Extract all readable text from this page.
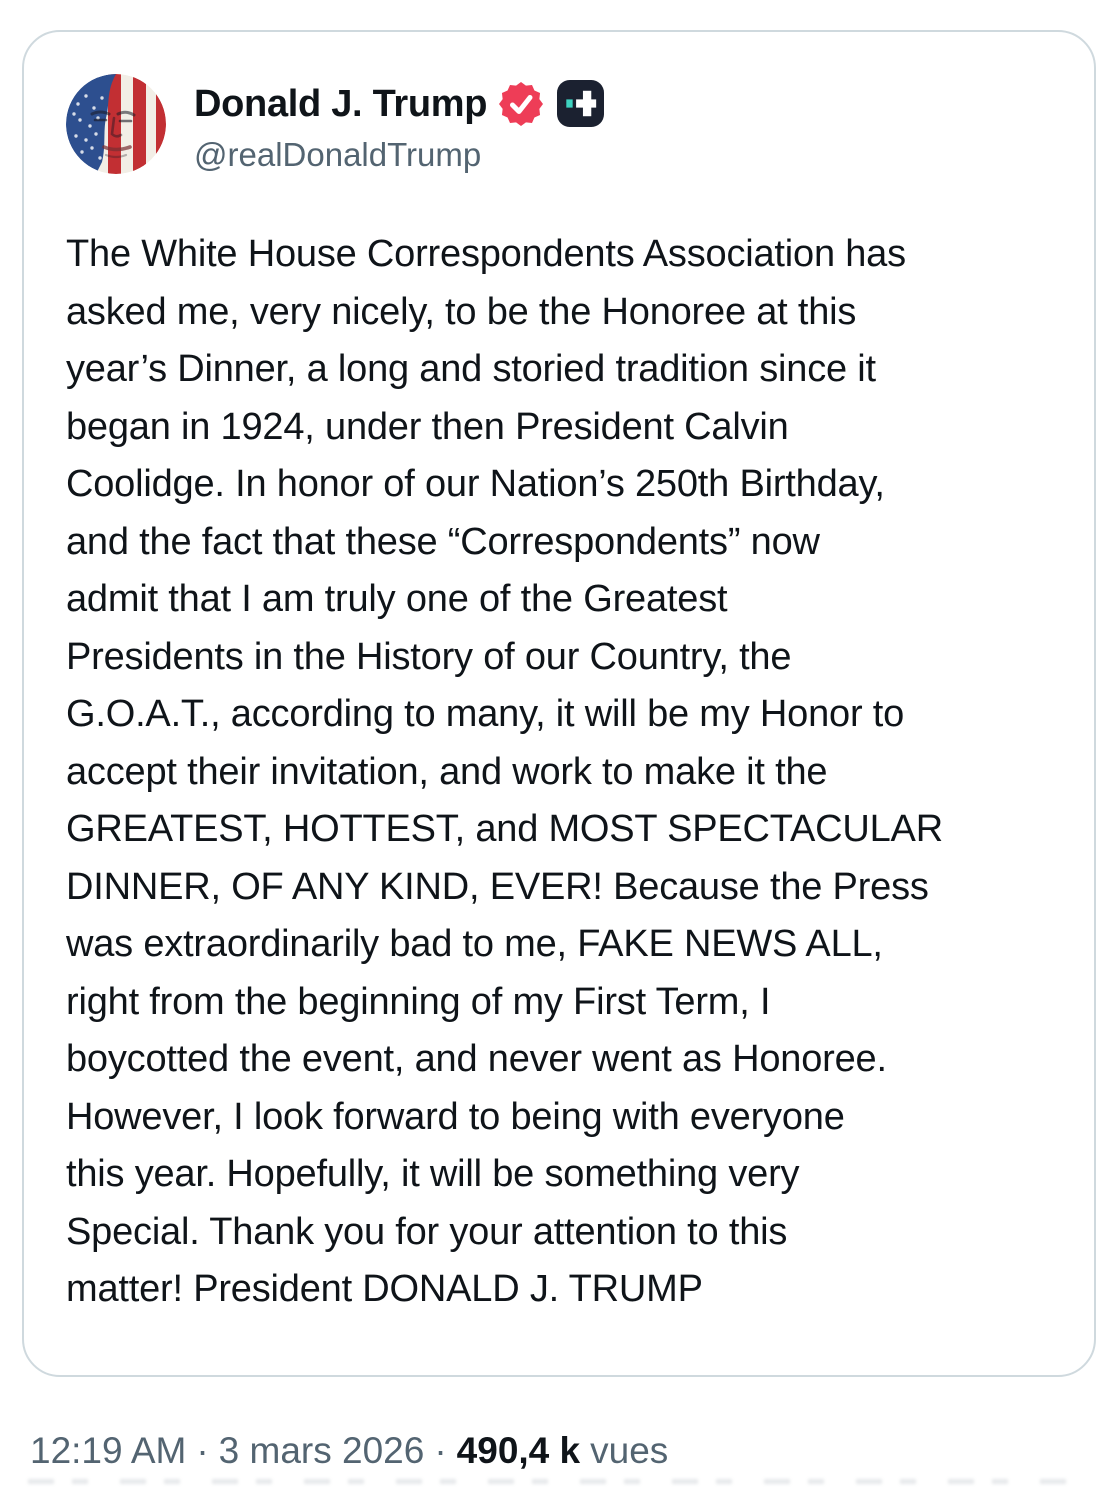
Donald J. Trump
@realDonaldTrump
The White House Correspondents Association has
asked me, very nicely, to be the Honoree at this
year’s Dinner, a long and storied tradition since it
began in 1924, under then President Calvin
Coolidge. In honor of our Nation’s 250th Birthday,
and the fact that these “Correspondents” now
admit that I am truly one of the Greatest
Presidents in the History of our Country, the
G.O.A.T., according to many, it will be my Honor to
accept their invitation, and work to make it the
GREATEST, HOTTEST, and MOST SPECTACULAR
DINNER, OF ANY KIND, EVER! Because the Press
was extraordinarily bad to me, FAKE NEWS ALL,
right from the beginning of my First Term, I
boycotted the event, and never went as Honoree.
However, I look forward to being with everyone
this year. Hopefully, it will be something very
Special. Thank you for your attention to this
matter! President DONALD J. TRUMP
12:19 AM · 3 mars 2026 · 490,4 k vues
